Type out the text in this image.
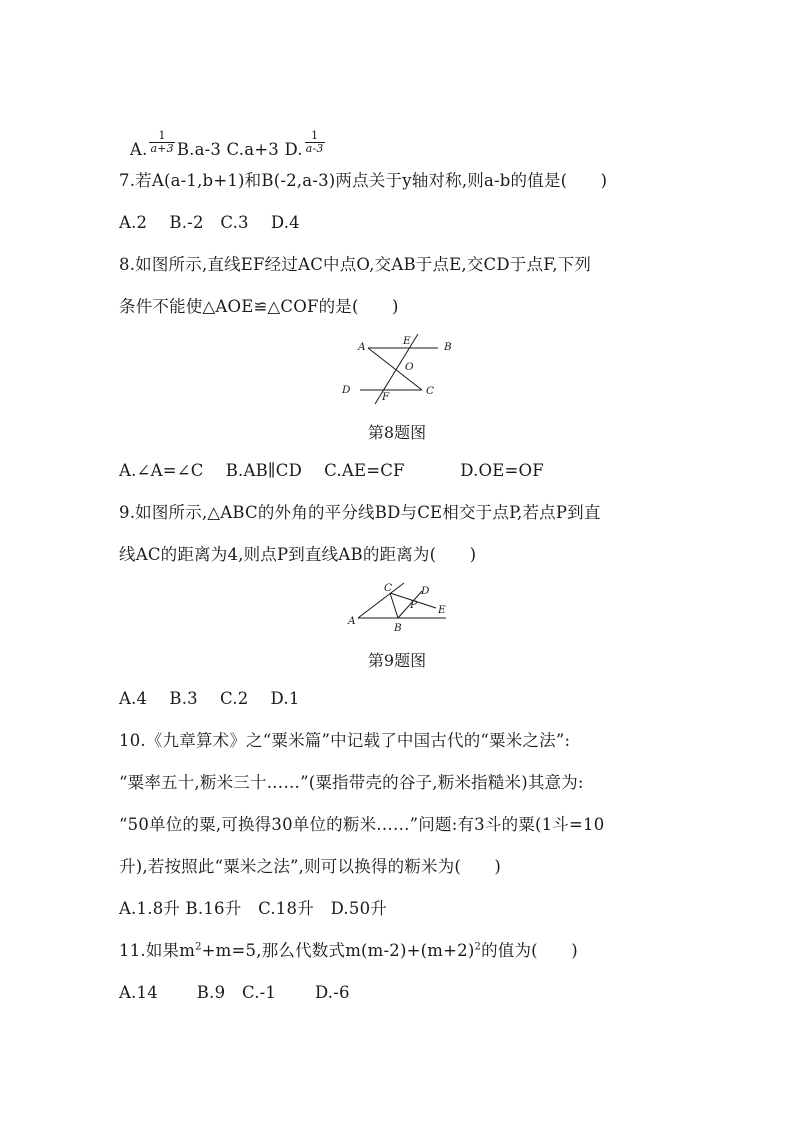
A. $\frac{1}{a+3} B.a-3$ C.a+3 D. $\frac{1}{a-3}$

7.若A(a-1,b+1)和B(-2,a-3)两点关于y轴对称,则a-b的值是(　　)
A.2　 B.-2　C.3　 D.4
8.如图所示,直线EF经过AC中点O,交AB于点E,交CD于点F,下列
条件不能使△AOE≌△COF的是(　　)
A	E	B
O
D
F	C
第8题图
A.∠A=∠C　 B.AB∥CD　 C.AE=CF　 　　D.OE=OF
9.如图所示,△ABC的外角的平分线BD与CE相交于点P,若点P到直
线AC的距离为4,则点P到直线AB的距离为(　　)
A
B
C	D
P E
第9题图
A.4　 B.3　 C.2　 D.1
10.《九章算术》之“粟米篇”中记载了中国古代的“粟米之法”:
“粟率五十,粝米三十……”(粟指带壳的谷子,粝米指糙米)其意为:
“50单位的粟,可换得30单位的粝米……”问题:有3斗的粟(1斗=10
升),若按照此“粟米之法”,则可以换得的粝米为(　　)
A.1.8升 B.16升　C.18升　D.50升
11.如果$m^2+m=5$,那么代数式$m(m-2)+(m+2)^2$的值为(　　)
A.14　 　B.9　C.-1　 　D.-6
